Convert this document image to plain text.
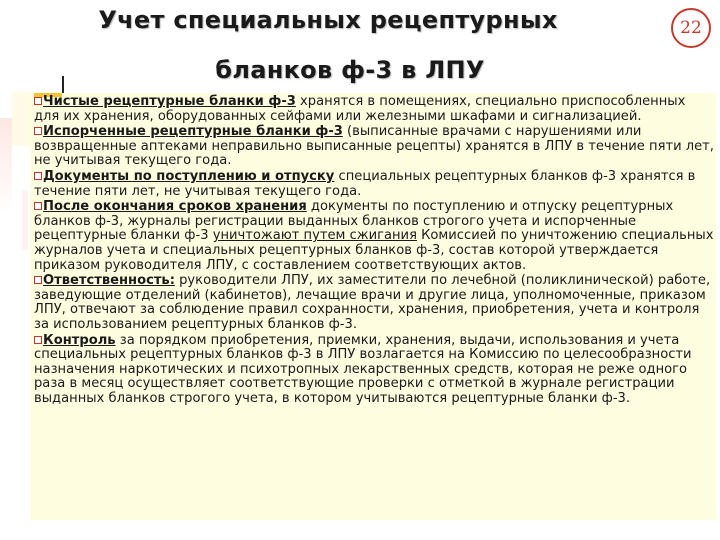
Учет специальных рецептурных
бланков ф-3 в ЛПУ
22

Чистые рецептурные бланки ф-3 хранятся в помещениях, специально приспособленных для их хранения, оборудованных сейфами или железными шкафами и сигнализацией.

Испорченные рецептурные бланки ф-3 (выписанные врачами с нарушениями или возвращенные аптеками неправильно выписанные рецепты) хранятся в ЛПУ в течение пяти лет, не учитывая текущего года.

Документы по поступлению и отпуску специальных рецептурных бланков ф-3 хранятся в течение пяти лет, не учитывая текущего года.

После окончания сроков хранения документы по поступлению и отпуску рецептурных бланков ф-3, журналы регистрации выданных бланков строгого учета и испорченные рецептурные бланки ф-3 уничтожают путем сжигания Комиссией по уничтожению специальных журналов учета и специальных рецептурных бланков ф-3, состав которой утверждается приказом руководителя ЛПУ, с составлением соответствующих актов.

Ответственность: руководители ЛПУ, их заместители по лечебной (поликлинической) работе, заведующие отделений (кабинетов), лечащие врачи и другие лица, уполномоченные, приказом ЛПУ, отвечают за соблюдение правил сохранности, хранения, приобретения, учета и контроля за использованием рецептурных бланков ф-3.

Контроль за порядком приобретения, приемки, хранения, выдачи, использования и учета специальных рецептурных бланков ф-3 в ЛПУ возлагается на Комиссию по целесообразности назначения наркотических и психотропных лекарственных средств, которая не реже одного раза в месяц осуществляет соответствующие проверки с отметкой в журнале регистрации выданных бланков строгого учета, в котором учитываются рецептурные бланки ф-3.
